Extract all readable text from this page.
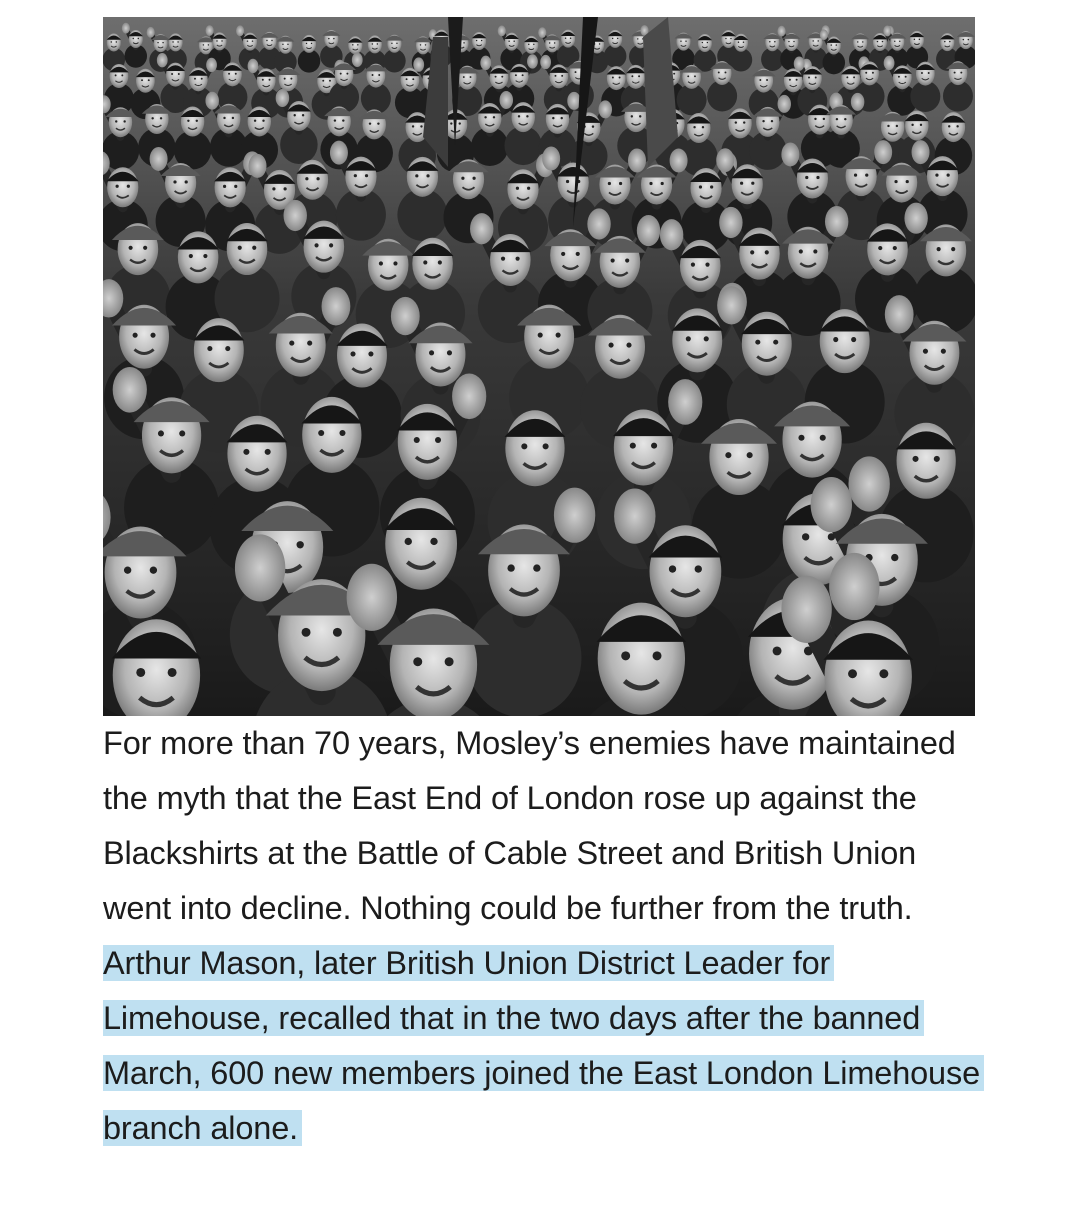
For more than 70 years, Mosley’s enemies have maintained the myth that the East End of London rose up against the Blackshirts at the Battle of Cable Street and British Union went into decline. Nothing could be further from the truth. Arthur Mason, later British Union District Leader for Limehouse, recalled that in the two days after the banned March, 600 new members joined the East London Limehouse branch alone.
